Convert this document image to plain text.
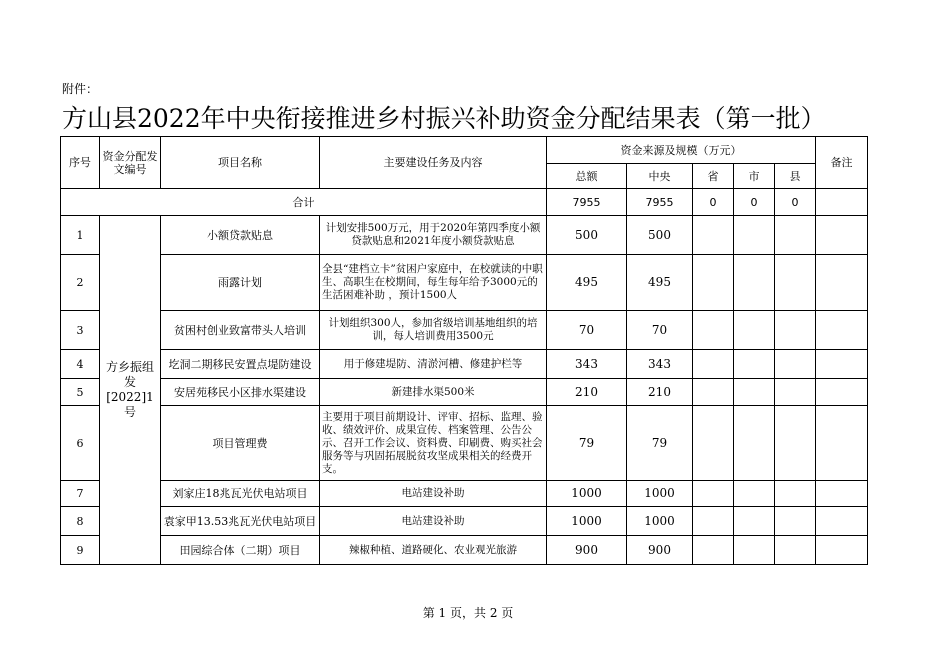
附件：
方山县2022年中央衔接推进乡村振兴补助资金分配结果表（第一批）
序号	资金分配发文编号	项目名称	主要建设任务及内容	资金来源及规模（万元）					备注
				总额	中央	省	市	县	
合计				7955	7955	0	0	0	
1	方乡振组发[2022]1号	小额贷款贴息	计划安排500万元，用于2020年第四季度小额贷款贴息和2021年度小额贷款贴息	500	500				
2		雨露计划	全县“建档立卡”贫困户家庭中，在校就读的中职生、高职生在校期间，每生每年给予3000元的生活困难补助 ，预计1500人	495	495				
3		贫困村创业致富带头人培训	计划组织300人，参加省级培训基地组织的培训，每人培训费用3500元	70	70				
4		圪洞二期移民安置点堤防建设	用于修建堤防、清淤河槽、修建护栏等	343	343				
5		安居苑移民小区排水渠建设	新建排水渠500米	210	210				
6		项目管理费	主要用于项目前期设计、评审、招标、监理、验收、绩效评价、成果宣传、档案管理、公告公示、召开工作会议、资料费、印刷费、购买社会服务等与巩固拓展脱贫攻坚成果相关的经费开支。	79	79				
7		刘家庄18兆瓦光伏电站项目	电站建设补助	1000	1000				
8		袁家甲13.53兆瓦光伏电站项目	电站建设补助	1000	1000				
9		田园综合体（二期）项目	辣椒种植、道路硬化、农业观光旅游	900	900				
第 1 页，共 2 页
